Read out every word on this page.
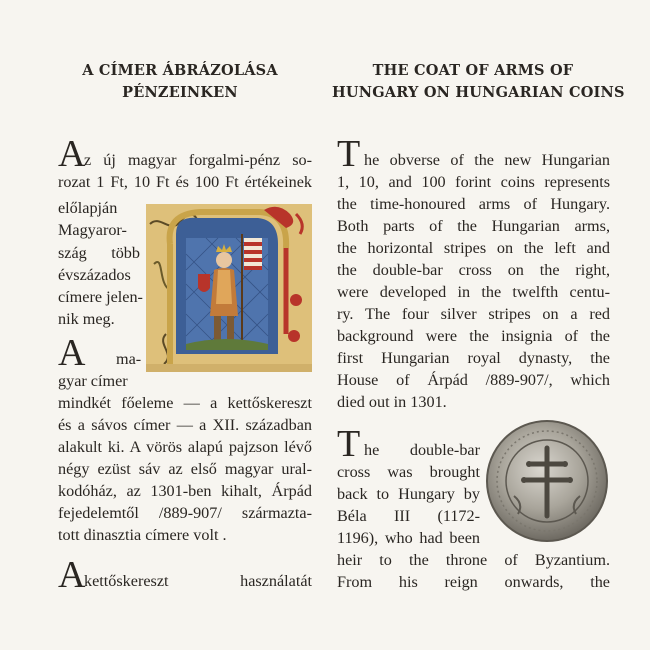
A CÍMER ÁBRÁZOLÁSA
PÉNZEINKEN
THE COAT OF ARMS OF
HUNGARY ON HUNGARIAN COINS
A

z új magyar forgalmi-pénz so-

rozat 1 Ft, 10 Ft és 100 Ft értékeinek

előlapján

Magyaror-

szág több

évszázados

címere jelen-

nik meg.

A ma-

gyar címer

mindkét főeleme — a kettőskereszt

és a sávos címer — a XII. században

alakult ki. A vörös alapú pajzson lévő

négy ezüst sáv az első magyar ural-

kodóház, az 1301-ben kihalt, Árpád

fejedelemtől /889-907/ származta-

tott dinasztia címere volt .

A

kettőskereszt használatát

T he obverse of the new Hungarian

1, 10, and 100 forint coins represents

the time-honoured arms of Hungary.

Both parts of the Hungarian arms,

the horizontal stripes on the left and

the double-bar cross on the right,

were developed in the twelfth centu-

ry. The four silver stripes on a red

background were the insignia of the

first Hungarian royal dynasty, the

House of Árpád /889-907/, which

died out in 1301.

T he double-bar

cross was brought

back to Hungary by

Béla III (1172-

1196), who had been

heir to the throne of Byzantium.

From his reign onwards, the
